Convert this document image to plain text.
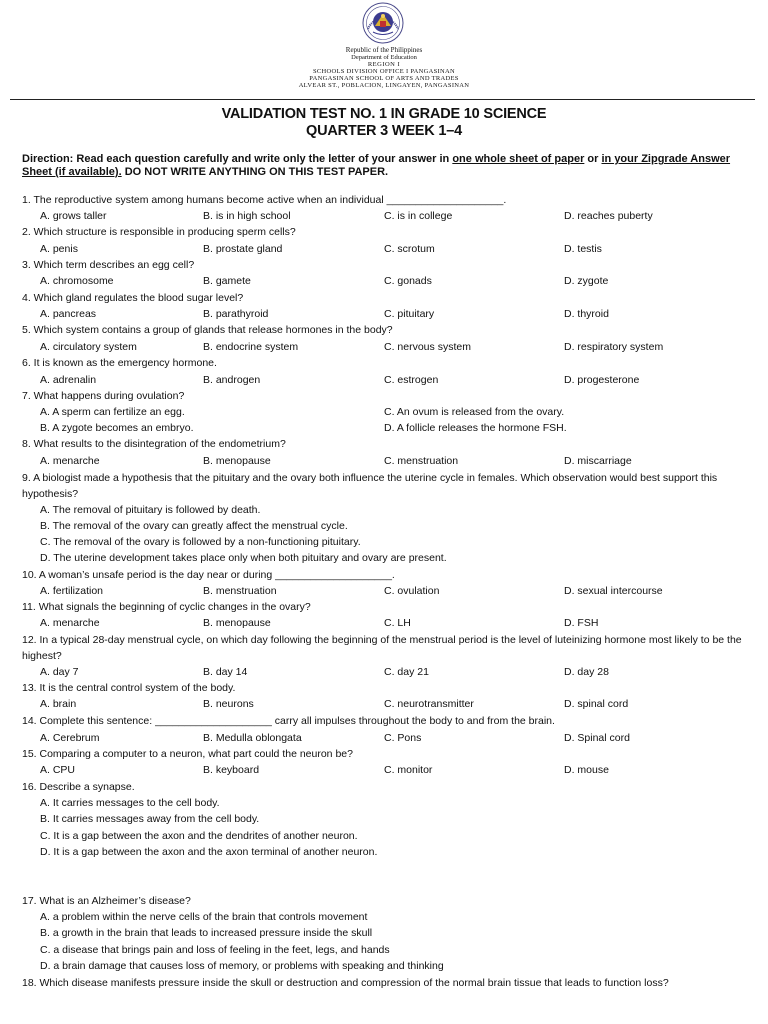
Republic of the Philippines
Department of Education
REGION I
SCHOOLS DIVISION OFFICE I PANGASINAN
PANGASINAN SCHOOL OF ARTS AND TRADES
ALVEAR ST., POBLACION, LINGAYEN, PANGASINAN
VALIDATION TEST NO. 1 IN GRADE 10 SCIENCE
QUARTER 3 WEEK 1–4
Direction: Read each question carefully and write only the letter of your answer in one whole sheet of paper or in your Zipgrade Answer Sheet (if available). DO NOT WRITE ANYTHING ON THIS TEST PAPER.
1. The reproductive system among humans become active when an individual ____________________.
A. grows taller	B. is in high school	C. is in college	D. reaches puberty
2. Which structure is responsible in producing sperm cells?
A. penis	B. prostate gland	C. scrotum	D. testis
3. Which term describes an egg cell?
A. chromosome	B. gamete	C. gonads	D. zygote
4. Which gland regulates the blood sugar level?
A. pancreas	B. parathyroid	C. pituitary	D. thyroid
5. Which system contains a group of glands that release hormones in the body?
A. circulatory system	B. endocrine system	C. nervous system	D. respiratory system
6. It is known as the emergency hormone.
A. adrenalin	B. androgen	C. estrogen	D. progesterone
7. What happens during ovulation?
A. A sperm can fertilize an egg.	C. An ovum is released from the ovary.
B. A zygote becomes an embryo.	D. A follicle releases the hormone FSH.
8. What results to the disintegration of the endometrium?
A. menarche	B. menopause	C. menstruation	D. miscarriage
9. A biologist made a hypothesis that the pituitary and the ovary both influence the uterine cycle in females. Which observation would best support this hypothesis?
A. The removal of pituitary is followed by death.
B. The removal of the ovary can greatly affect the menstrual cycle.
C. The removal of the ovary is followed by a non-functioning pituitary.
D. The uterine development takes place only when both pituitary and ovary are present.
10. A woman’s unsafe period is the day near or during ____________________.
A. fertilization	B. menstruation	C. ovulation	D. sexual intercourse
11. What signals the beginning of cyclic changes in the ovary?
A. menarche	B. menopause	C. LH	D. FSH
12. In a typical 28-day menstrual cycle, on which day following the beginning of the menstrual period is the level of luteinizing hormone most likely to be the highest?
A. day 7	B. day 14	C. day 21	D. day 28
13. It is the central control system of the body.
A. brain	B. neurons	C. neurotransmitter	D. spinal cord
14. Complete this sentence: ____________________ carry all impulses throughout the body to and from the brain.
A. Cerebrum	B. Medulla oblongata	C. Pons	D. Spinal cord
15. Comparing a computer to a neuron, what part could the neuron be?
A. CPU	B. keyboard	C. monitor	D. mouse
16. Describe a synapse.
A. It carries messages to the cell body.
B. It carries messages away from the cell body.
C. It is a gap between the axon and the dendrites of another neuron.
D. It is a gap between the axon and the axon terminal of another neuron.
17. What is an Alzheimer’s disease?
A. a problem within the nerve cells of the brain that controls movement
B. a growth in the brain that leads to increased pressure inside the skull
C. a disease that brings pain and loss of feeling in the feet, legs, and hands
D. a brain damage that causes loss of memory, or problems with speaking and thinking
18. Which disease manifests pressure inside the skull or destruction and compression of the normal brain tissue that leads to function loss?
